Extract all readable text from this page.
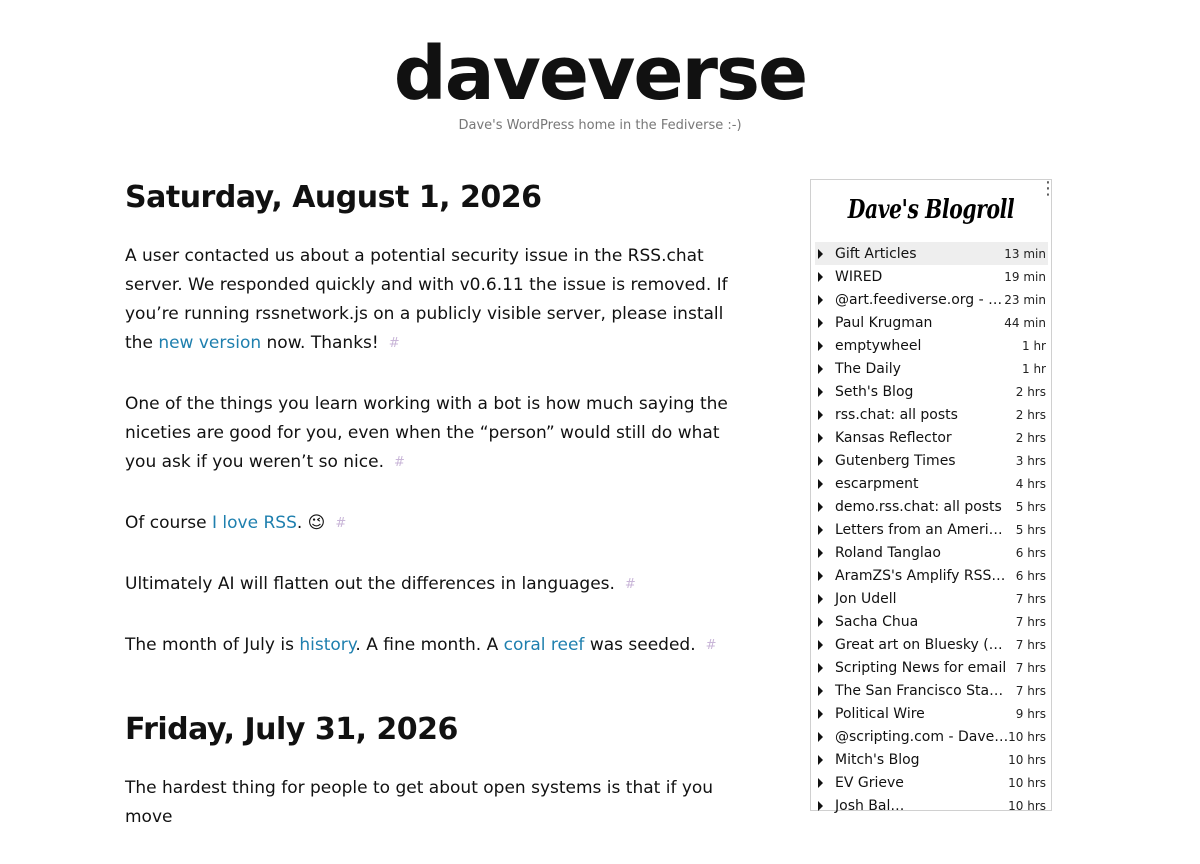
daveverse
Dave's WordPress home in the Fediverse :-)
Saturday, August 1, 2026

A user contacted us about a potential security issue in the RSS.chat server. We responded quickly and with v0.6.11 the issue is removed. If you’re running rssnetwork.js on a publicly visible server, please install the new version now. Thanks! #

One of the things you learn working with a bot is how much saying the niceties are good for you, even when the “person” would still do what you ask if you weren’t so nice. #

Of course I love RSS. 😉 #

Ultimately AI will flatten out the differences in languages. #

The month of July is history. A fine month. A coral reef was seeded. #

Friday, July 31, 2026

The hardest thing for people to get about open systems is that if you move

⋮
Dave's Blogroll
Gift Articles	13 min
WIRED	19 min
@art.feediverse.org - … 23 min
Paul Krugman	44 min
emptywheel	1 hr
The Daily	1 hr
Seth's Blog	2 hrs
rss.chat: all posts	2 hrs
Kansas Reflector	2 hrs
Gutenberg Times	3 hrs
escarpment	4 hrs
demo.rss.chat: all posts 5 hrs
Letters from an Ameri… 5 hrs
Roland Tanglao	6 hrs
AramZS's Amplify RSS… 6 hrs
Jon Udell	7 hrs
Sacha Chua	7 hrs
Great art on Bluesky (… 7 hrs
Scripting News for email 7 hrs
The San Francisco Sta… 7 hrs
Political Wire	9 hrs
@scripting.com - Dave… 10 hrs
Mitch's Blog	10 hrs
EV Grieve	10 hrs
Josh Bal…	10 hrs
